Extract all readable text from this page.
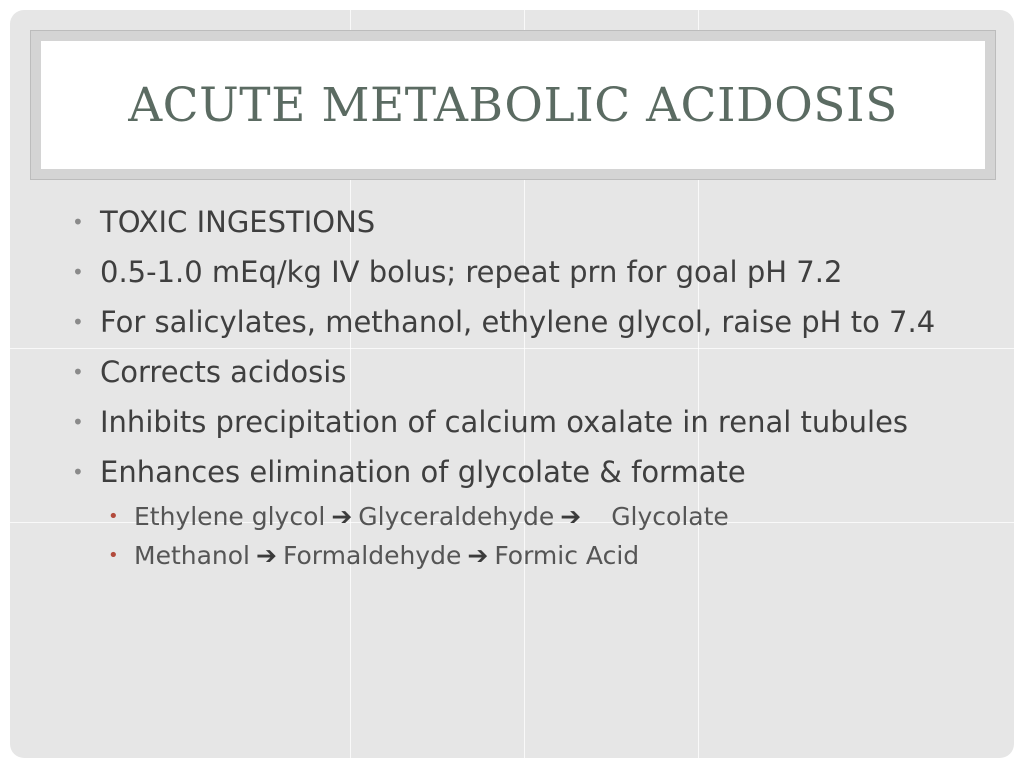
ACUTE METABOLIC ACIDOSIS
• TOXIC INGESTIONS
• 0.5-1.0 mEq/kg IV bolus; repeat prn for goal pH 7.2
• For salicylates, methanol, ethylene glycol, raise pH to 7.4
• Corrects acidosis
• Inhibits precipitation of calcium oxalate in renal tubules
• Enhances elimination of glycolate & formate
• Ethylene glycol ➔ Glyceraldehyde ➔ Glycolate
• Methanol ➔ Formaldehyde ➔ Formic Acid
